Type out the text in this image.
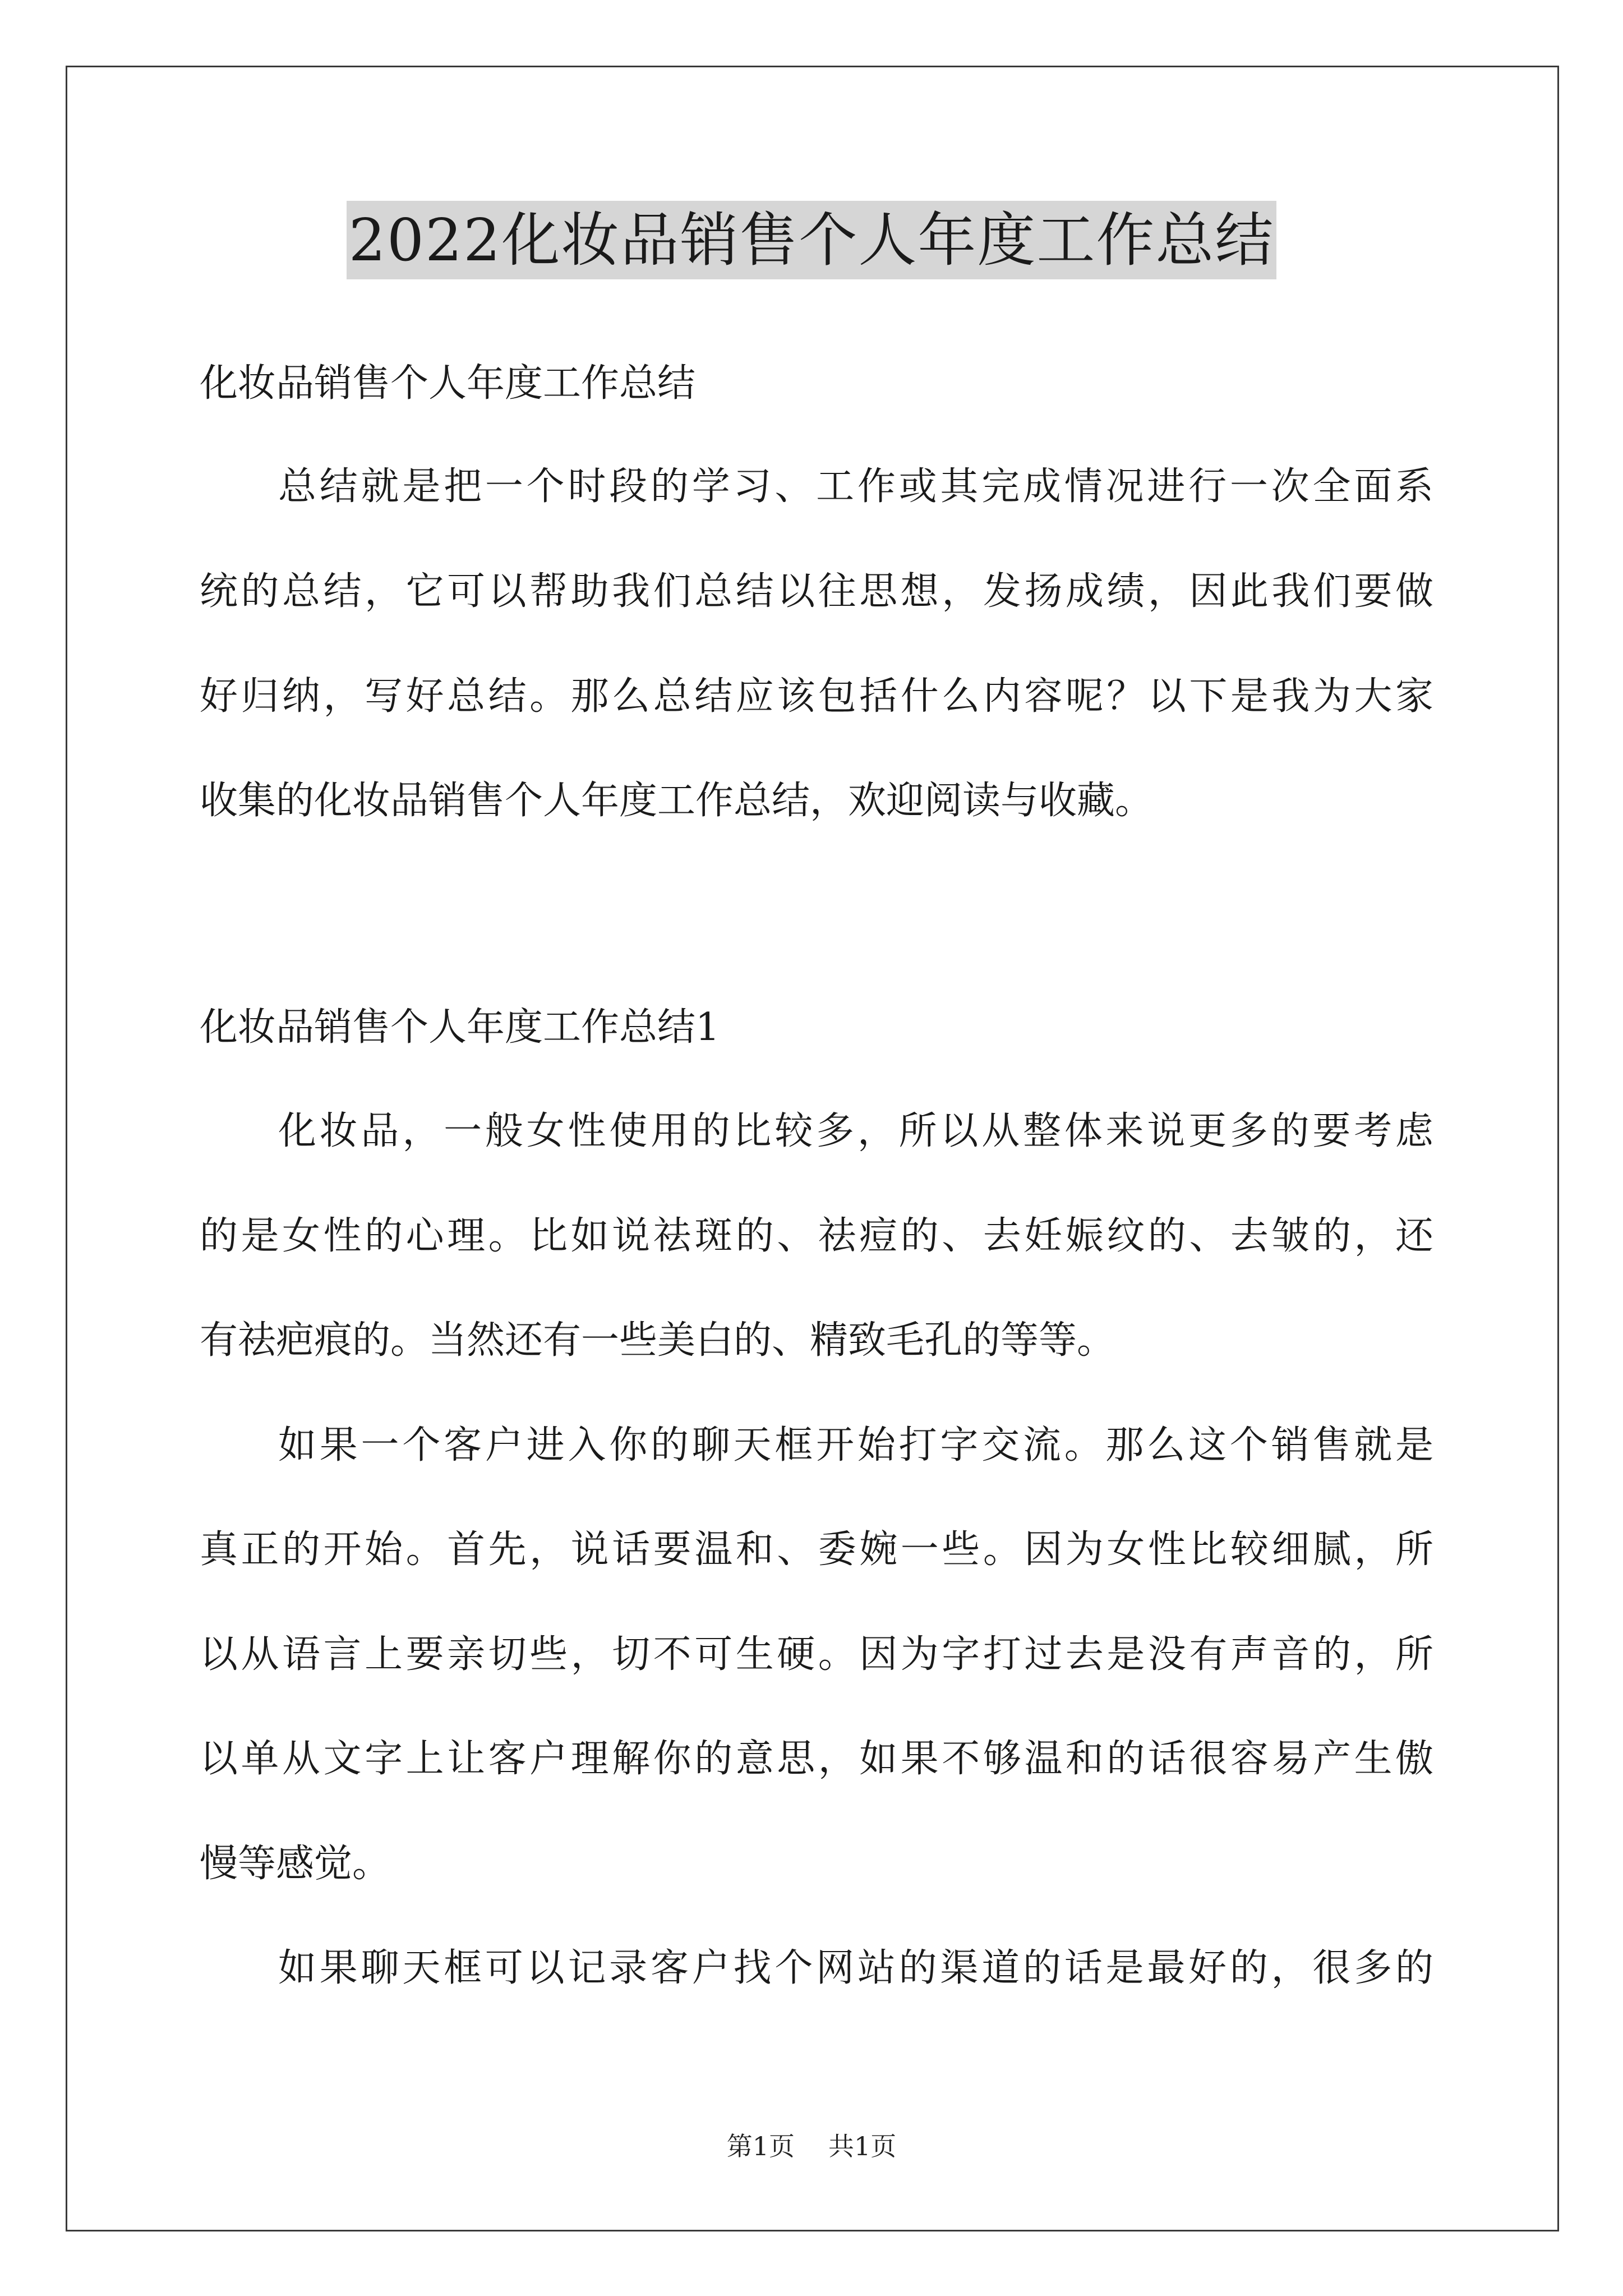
2022化妆品销售个人年度工作总结
化妆品销售个人年度工作总结
总结就是把一个时段的学习、工作或其完成情况进行一次全面系
统的总结，它可以帮助我们总结以往思想，发扬成绩，因此我们要做
好归纳，写好总结。那么总结应该包括什么内容呢？以下是我为大家
收集的化妆品销售个人年度工作总结，欢迎阅读与收藏。
化妆品销售个人年度工作总结1
化妆品，一般女性使用的比较多，所以从整体来说更多的要考虑
的是女性的心理。比如说祛斑的、祛痘的、去妊娠纹的、去皱的，还
有祛疤痕的。当然还有一些美白的、精致毛孔的等等。
如果一个客户进入你的聊天框开始打字交流。那么这个销售就是
真正的开始。首先，说话要温和、委婉一些。因为女性比较细腻，所
以从语言上要亲切些，切不可生硬。因为字打过去是没有声音的，所
以单从文字上让客户理解你的意思，如果不够温和的话很容易产生傲
慢等感觉。
如果聊天框可以记录客户找个网站的渠道的话是最好的，很多的
第1页 共1页
